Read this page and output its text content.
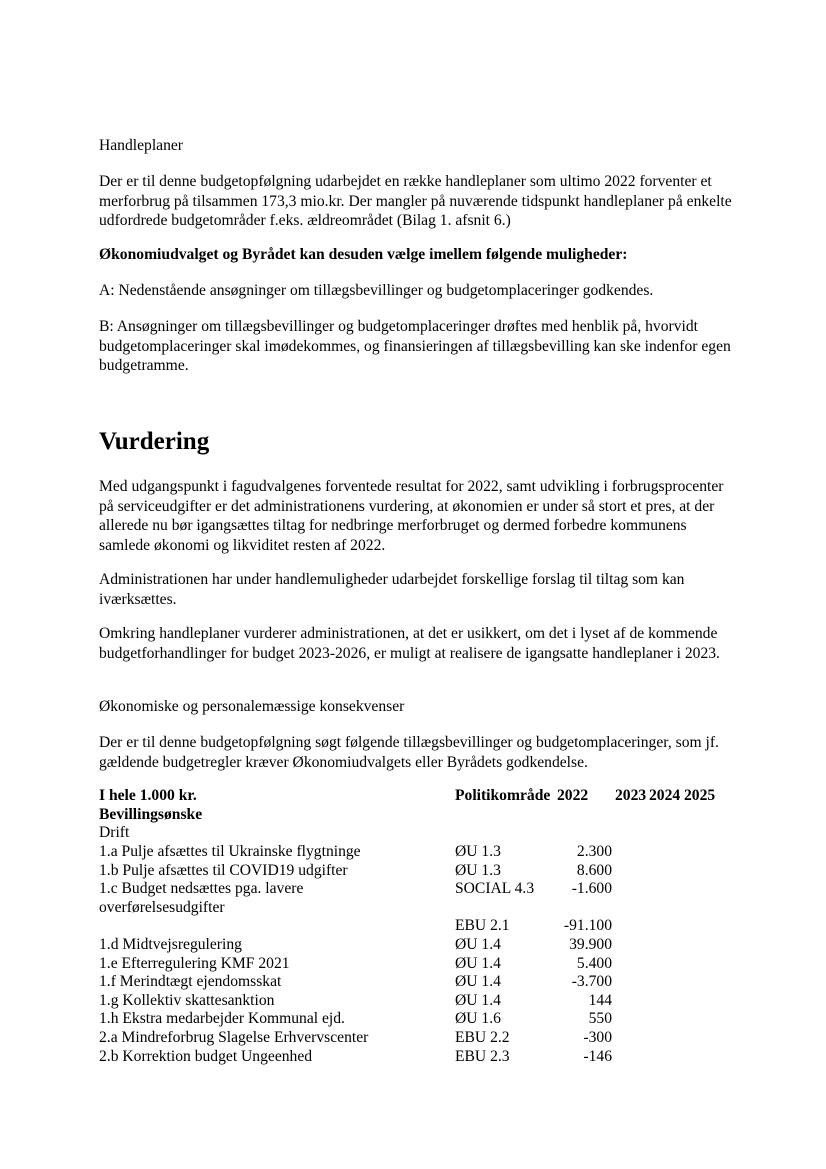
Handleplaner

Der er til denne budgetopfølgning udarbejdet en række handleplaner som ultimo 2022 forventer et merforbrug på tilsammen 173,3 mio.kr. Der mangler på nuværende tidspunkt handleplaner på enkelte udfordrede budgetområder f.eks. ældreområdet (Bilag 1. afsnit 6.)

Økonomiudvalget og Byrådet kan desuden vælge imellem følgende muligheder:

A: Nedenstående ansøgninger om tillægsbevillinger og budgetomplaceringer godkendes.

B: Ansøgninger om tillægsbevillinger og budgetomplaceringer drøftes med henblik på, hvorvidt budgetomplaceringer skal imødekommes, og finansieringen af tillægsbevilling kan ske indenfor egen budgetramme.

Vurdering

Med udgangspunkt i fagudvalgenes forventede resultat for 2022, samt udvikling i forbrugsprocenter på serviceudgifter er det administrationens vurdering, at økonomien er under så stort et pres, at der allerede nu bør igangsættes tiltag for nedbringe merforbruget og dermed forbedre kommunens samlede økonomi og likviditet resten af 2022.

Administrationen har under handlemuligheder udarbejdet forskellige forslag til tiltag som kan iværksættes.

Omkring handleplaner vurderer administrationen, at det er usikkert, om det i lyset af de kommende budgetforhandlinger for budget 2023-2026, er muligt at realisere de igangsatte handleplaner i 2023.

Økonomiske og personalemæssige konsekvenser

Der er til denne budgetopfølgning søgt følgende tillægsbevillinger og budgetomplaceringer, som jf. gældende budgetregler kræver Økonomiudvalgets eller Byrådets godkendelse.

I hele 1.000 kr.	Politikområde 2022 2023 2024 2025
Bevillingsønske
Drift
1.a Pulje afsættes til Ukrainske flygtninge	ØU 1.3	2.300
1.b Pulje afsættes til COVID19 udgifter	ØU 1.3	8.600
1.c Budget nedsættes pga. lavere	SOCIAL 4.3	-1.600
overførelsesudgifter
EBU 2.1	-91.100
1.d Midtvejsregulering	ØU 1.4	39.900
1.e Efterregulering KMF 2021	ØU 1.4	5.400
1.f Merindtægt ejendomsskat	ØU 1.4	-3.700
1.g Kollektiv skattesanktion	ØU 1.4	144
1.h Ekstra medarbejder Kommunal ejd.	ØU 1.6	550
2.a Mindreforbrug Slagelse Erhvervscenter	EBU 2.2	-300
2.b Korrektion budget Ungeenhed	EBU 2.3	-146
